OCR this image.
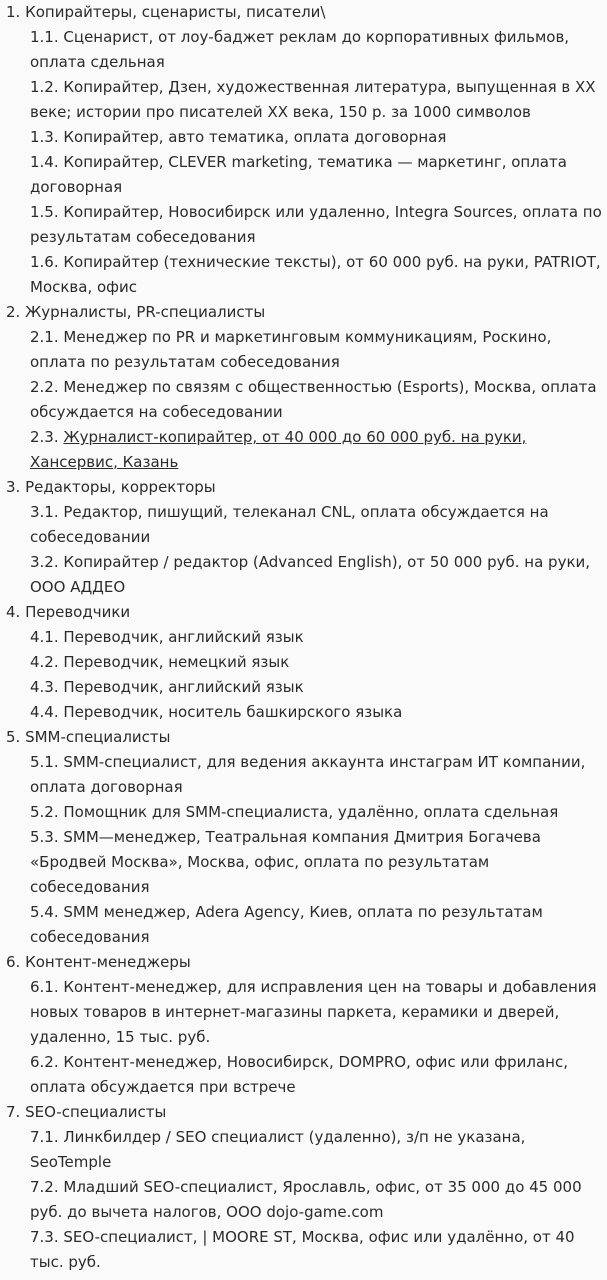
1. Копирайтеры, сценаристы, писатели\

1.1. Сценарист, от лоу-баджет реклам до корпоративных фильмов, оплата сдельная

1.2. Копирайтер, Дзен, художественная литература, выпущенная в XX веке; истории про писателей XX века, 150 р. за 1000 символов

1.3. Копирайтер, авто тематика, оплата договорная

1.4. Копирайтер, CLEVER marketing, тематика — маркетинг, оплата договорная

1.5. Копирайтер, Новосибирск или удаленно, Integra Sources, оплата по результатам собеседования

1.6. Копирайтер (технические тексты), от 60 000 руб. на руки, PATRIOT, Москва, офис

2. Журналисты, PR-специалисты

2.1. Менеджер по PR и маркетинговым коммуникациям, Роскино, оплата по результатам собеседования

2.2. Менеджер по связям с общественностью (Esports), Москва, оплата обсуждается на собеседовании

2.3. Журналист-копирайтер, от 40 000 до 60 000 руб. на руки, Хансервис, Казань

3. Редакторы, корректоры

3.1. Редактор, пишущий, телеканал CNL, оплата обсуждается на собеседовании

3.2. Копирайтер / редактор (Advanced English), от 50 000 руб. на руки, ООО АДДЕО

4. Переводчики

4.1. Переводчик, английский язык

4.2. Переводчик, немецкий язык

4.3. Переводчик, английский язык

4.4. Переводчик, носитель башкирского языка

5. SMM-специалисты

5.1. SMM-специалист, для ведения аккаунта инстаграм ИТ компании, оплата договорная

5.2. Помощник для SMM-специалиста, удалённо, оплата сдельная

5.3. SMM—менеджер, Театральная компания Дмитрия Богачева «Бродвей Москва», Москва, офис, оплата по результатам собеседования

5.4. SMM менеджер, Adera Agency, Киев, оплата по результатам собеседования

6. Контент-менеджеры

6.1. Контент-менеджер, для исправления цен на товары и добавления новых товаров в интернет-магазины паркета, керамики и дверей, удаленно, 15 тыс. руб.

6.2. Контент-менеджер, Новосибирск, DOMPRO, офис или фриланс, оплата обсуждается при встрече

7. SEO-специалисты

7.1. Линкбилдер / SEO специалист (удаленно), з/п не указана, SeoTemple

7.2. Младший SEO-специалист, Ярославль, офис, от 35 000 до 45 000 руб. до вычета налогов, ООО dojo-game.com

7.3. SEO-специалист, | MOORE ST, Москва, офис или удалённо, от 40 тыс. руб.
